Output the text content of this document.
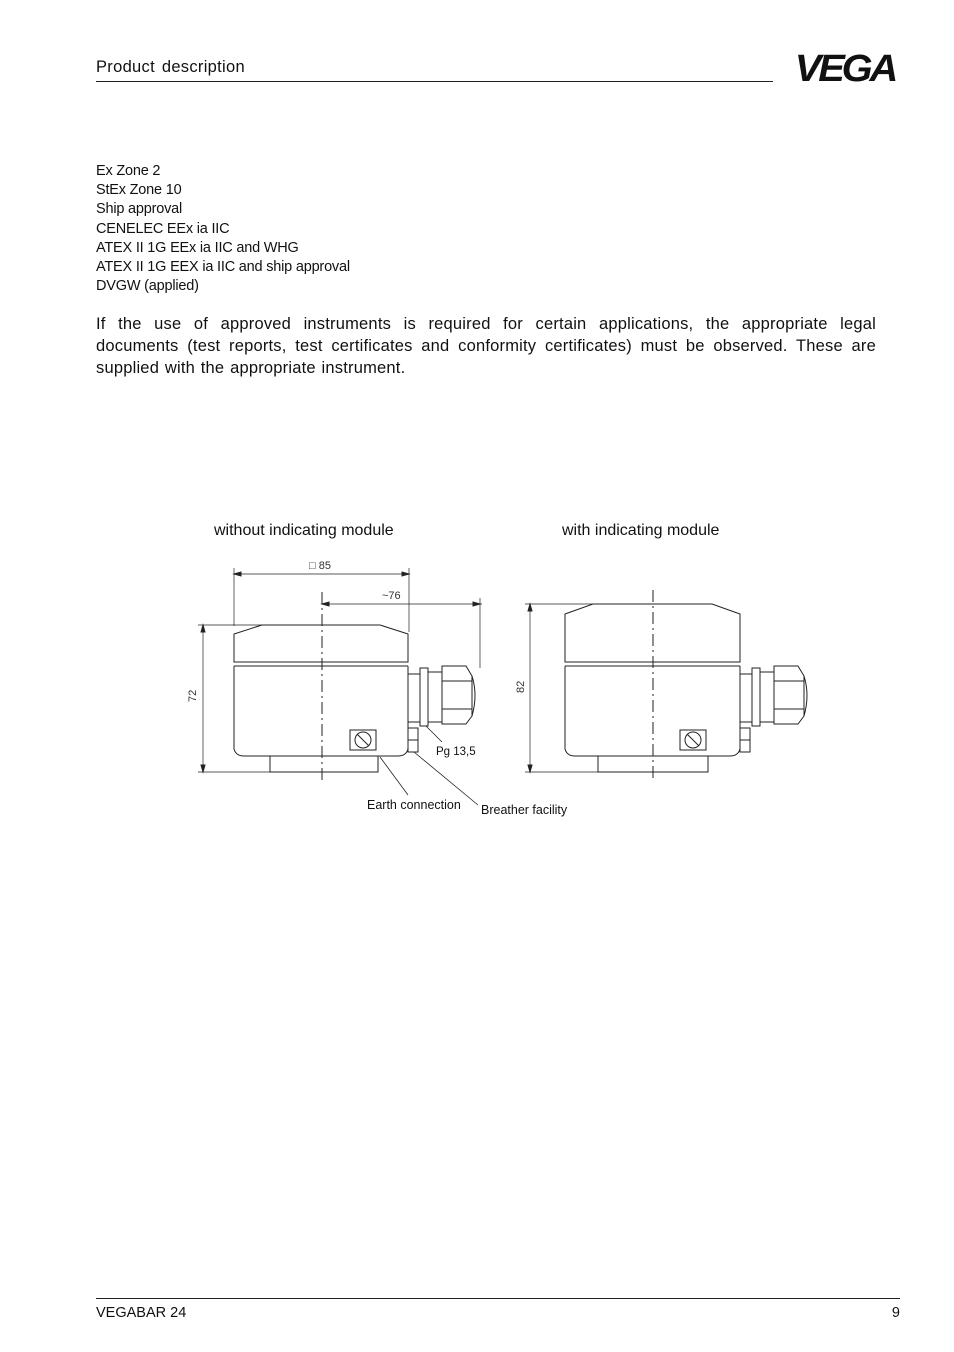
Product description	VEGA
Ex Zone 2
StEx Zone 10
Ship approval
CENELEC EEx ia IIC
ATEX II 1G EEx ia IIC and WHG
ATEX II 1G EEX ia IIC and ship approval
DVGW (applied)

If the use of approved instruments is required for certain applications, the appropriate legal documents (test reports, test certificates and conformity certificates) must be observed. These are supplied with the appropriate instrument.

without indicating module	with indicating module
□ 85
~76
72
Pg 13,5
Earth connection Breather facility
82
VEGABAR 24	9
